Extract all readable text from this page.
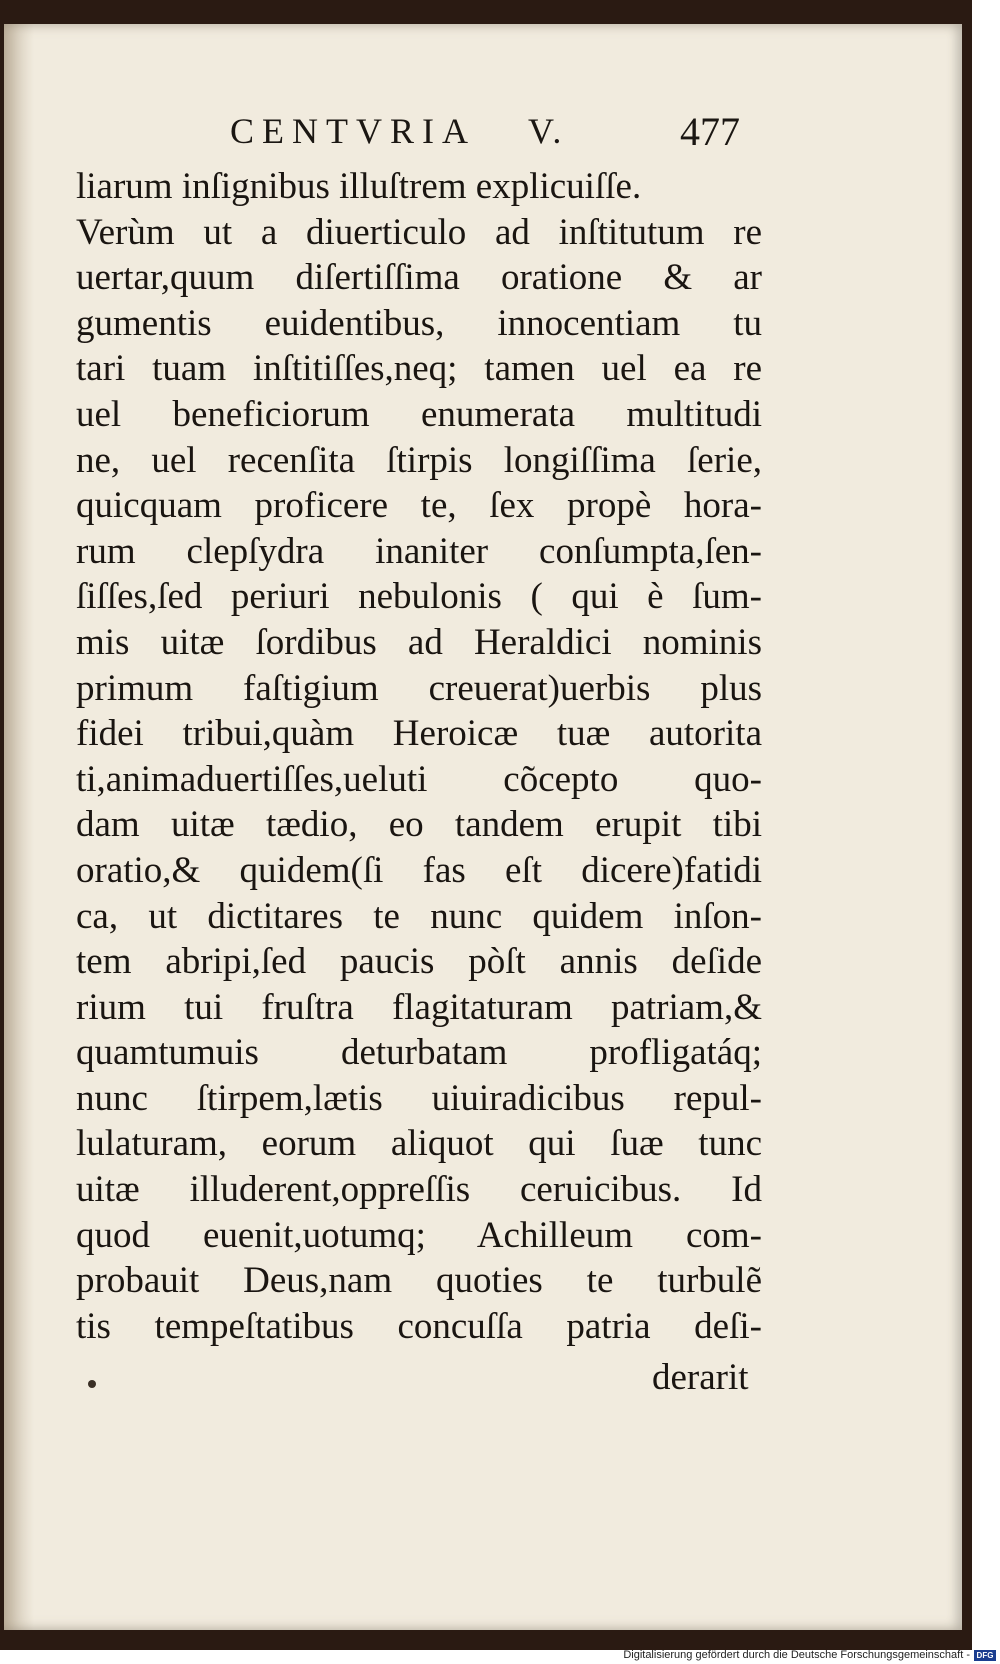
CENTVRIA V.	477
liarum inſignibus illuſtrem explicuiſſe.
Verùm ut a diuerticulo ad inſtitutum re
uertar,quum diſertiſſima oratione & ar
gumentis euidentibus, innocentiam tu
tari tuam inſtitiſſes,neq; tamen uel ea re
uel beneficiorum enumerata multitudi
ne, uel recenſita ſtirpis longiſſima ſerie,
quicquam proficere te, ſex propè hora-
rum clepſydra inaniter conſumpta,ſen-
ſiſſes,ſed periuri nebulonis ( qui è ſum-
mis uitæ ſordibus ad Heraldici nominis
primum faſtigium creuerat)uerbis plus
fidei tribui,quàm Heroicæ tuæ autorita
ti,animaduertiſſes,ueluti cõcepto quo-
dam uitæ tædio, eo tandem erupit tibi
oratio,& quidem(ſi fas eſt dicere)fatidi
ca, ut dictitares te nunc quidem inſon-
tem abripi,ſed paucis pòſt annis deſide
rium tui fruſtra flagitaturam patriam,&
quamtumuis deturbatam profligatáq;
nunc ſtirpem,lætis uiuiradicibus repul-
lulaturam, eorum aliquot qui ſuæ tunc
uitæ illuderent,oppreſſis ceruicibus. Id
quod euenit,uotumq; Achilleum com-
probauit Deus,nam quoties te turbulẽ
tis tempeſtatibus concuſſa patria deſi-
derarit
Digitalisierung gefördert durch die Deutsche Forschungsgemeinschaft - DFG
